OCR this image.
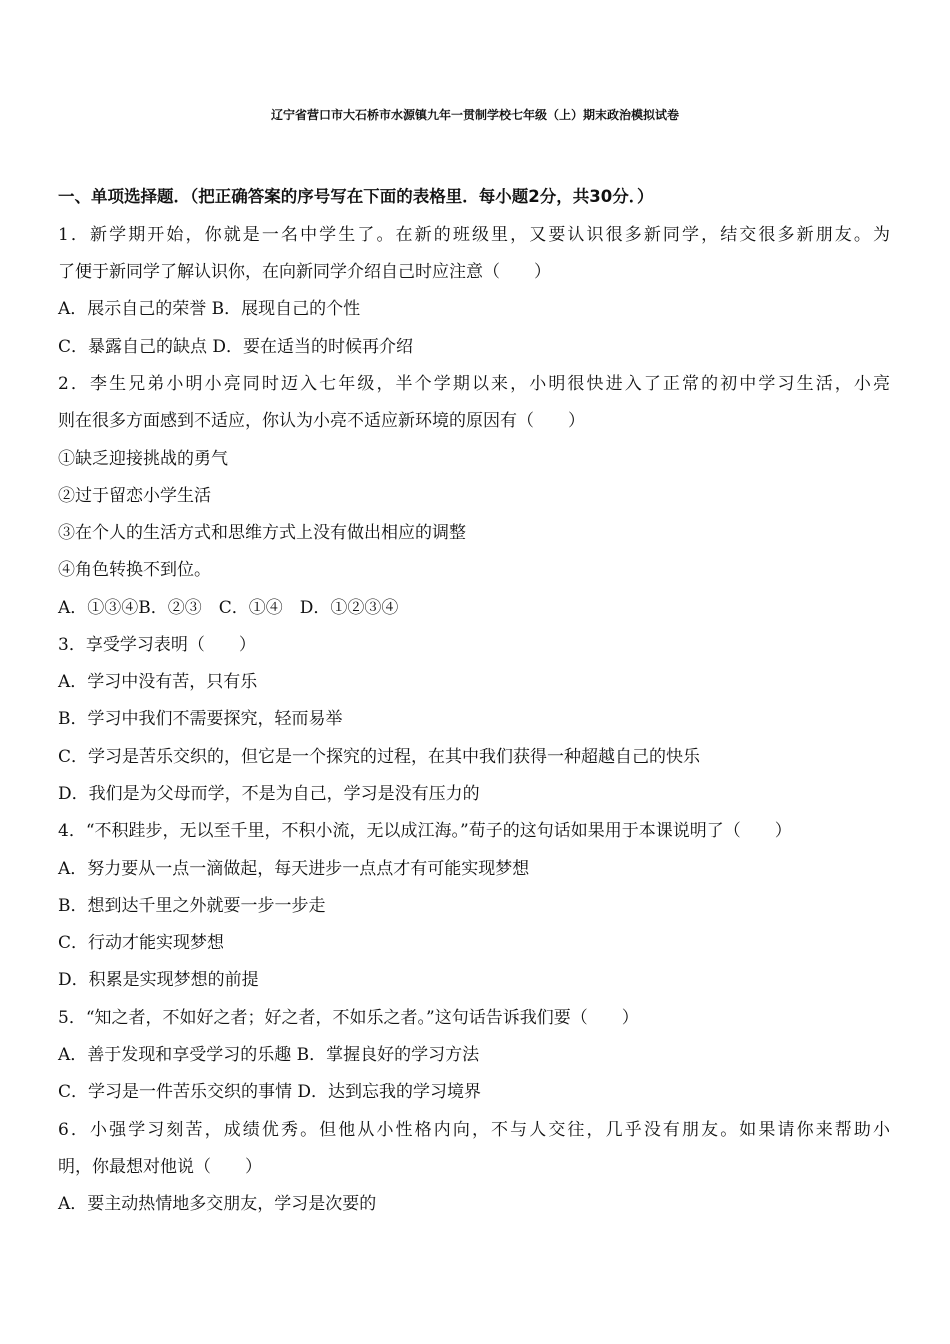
辽宁省营口市大石桥市水源镇九年一贯制学校七年级（上）期末政治模拟试卷
一、单项选择题．（把正确答案的序号写在下面的表格里．每小题2分，共30分．）
1．新学期开始，你就是一名中学生了。在新的班级里，又要认识很多新同学，结交很多新朋友。为
了便于新同学了解认识你，在向新同学介绍自己时应注意（　　）
A．展示自己的荣誉 B．展现自己的个性
C．暴露自己的缺点 D．要在适当的时候再介绍
2．李生兄弟小明小亮同时迈入七年级，半个学期以来，小明很快进入了正常的初中学习生活，小亮
则在很多方面感到不适应，你认为小亮不适应新环境的原因有（　　）
①缺乏迎接挑战的勇气
②过于留恋小学生活
③在个人的生活方式和思维方式上没有做出相应的调整
④角色转换不到位。
A．①③④B．②③　C．①④　D．①②③④
3．享受学习表明（　　）
A．学习中没有苦，只有乐
B．学习中我们不需要探究，轻而易举
C．学习是苦乐交织的，但它是一个探究的过程，在其中我们获得一种超越自己的快乐
D．我们是为父母而学，不是为自己，学习是没有压力的
4．“不积跬步，无以至千里，不积小流，无以成江海。”荀子的这句话如果用于本课说明了（　　）
A．努力要从一点一滴做起，每天进步一点点才有可能实现梦想
B．想到达千里之外就要一步一步走
C．行动才能实现梦想
D．积累是实现梦想的前提
5．“知之者，不如好之者；好之者，不如乐之者。”这句话告诉我们要（　　）
A．善于发现和享受学习的乐趣 B．掌握良好的学习方法
C．学习是一件苦乐交织的事情 D．达到忘我的学习境界
6．小强学习刻苦，成绩优秀。但他从小性格内向，不与人交往，几乎没有朋友。如果请你来帮助小
明，你最想对他说（　　）
A．要主动热情地多交朋友，学习是次要的
